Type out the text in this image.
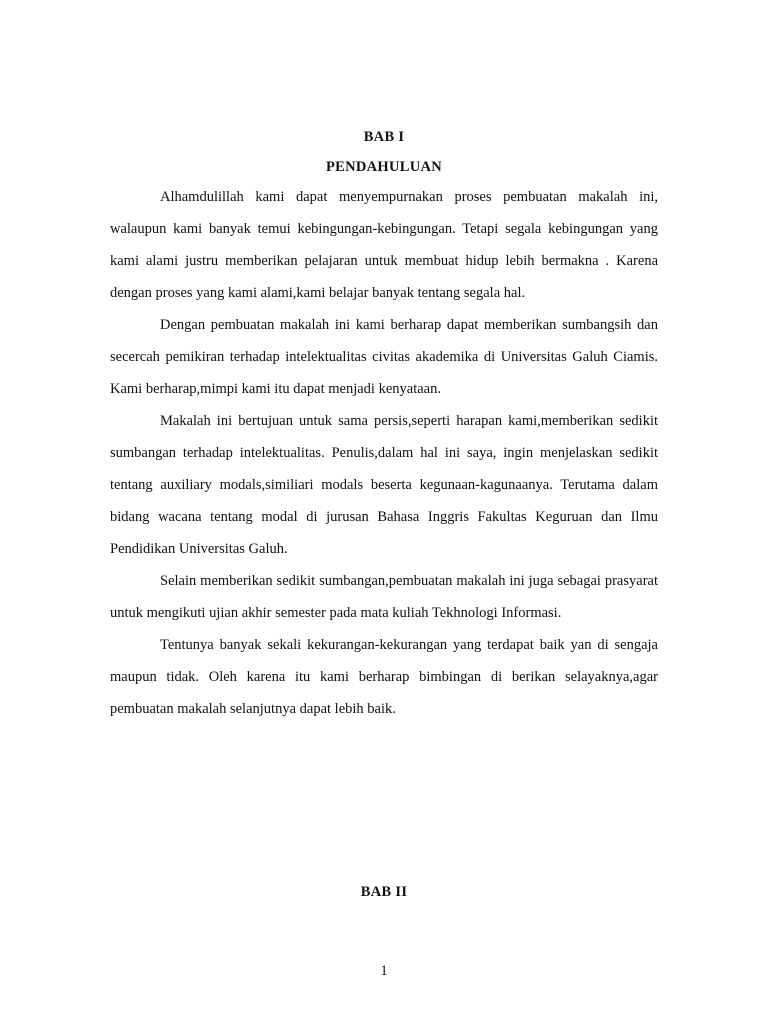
BAB I
PENDAHULUAN

Alhamdulillah kami dapat menyempurnakan proses pembuatan makalah ini, walaupun kami banyak temui kebingungan-kebingungan. Tetapi segala kebingungan yang kami alami justru memberikan pelajaran untuk membuat hidup lebih bermakna . Karena dengan proses yang kami alami,kami belajar banyak tentang segala hal.

Dengan pembuatan makalah ini kami berharap dapat memberikan sumbangsih dan secercah pemikiran terhadap intelektualitas civitas akademika di Universitas Galuh Ciamis. Kami berharap,mimpi kami itu dapat menjadi kenyataan.

Makalah ini bertujuan untuk sama persis,seperti harapan kami,memberikan sedikit sumbangan terhadap intelektualitas. Penulis,dalam hal ini saya, ingin menjelaskan sedikit tentang auxiliary modals,similiari modals beserta kegunaan-kagunaanya. Terutama dalam bidang wacana tentang modal di jurusan Bahasa Inggris Fakultas Keguruan dan Ilmu Pendidikan Universitas Galuh.

Selain memberikan sedikit sumbangan,pembuatan makalah ini juga sebagai prasyarat untuk mengikuti ujian akhir semester pada mata kuliah Tekhnologi Informasi.

Tentunya banyak sekali kekurangan-kekurangan yang terdapat baik yan di sengaja maupun tidak. Oleh karena itu kami berharap bimbingan di berikan selayaknya,agar pembuatan makalah selanjutnya dapat lebih baik.

BAB II
1
